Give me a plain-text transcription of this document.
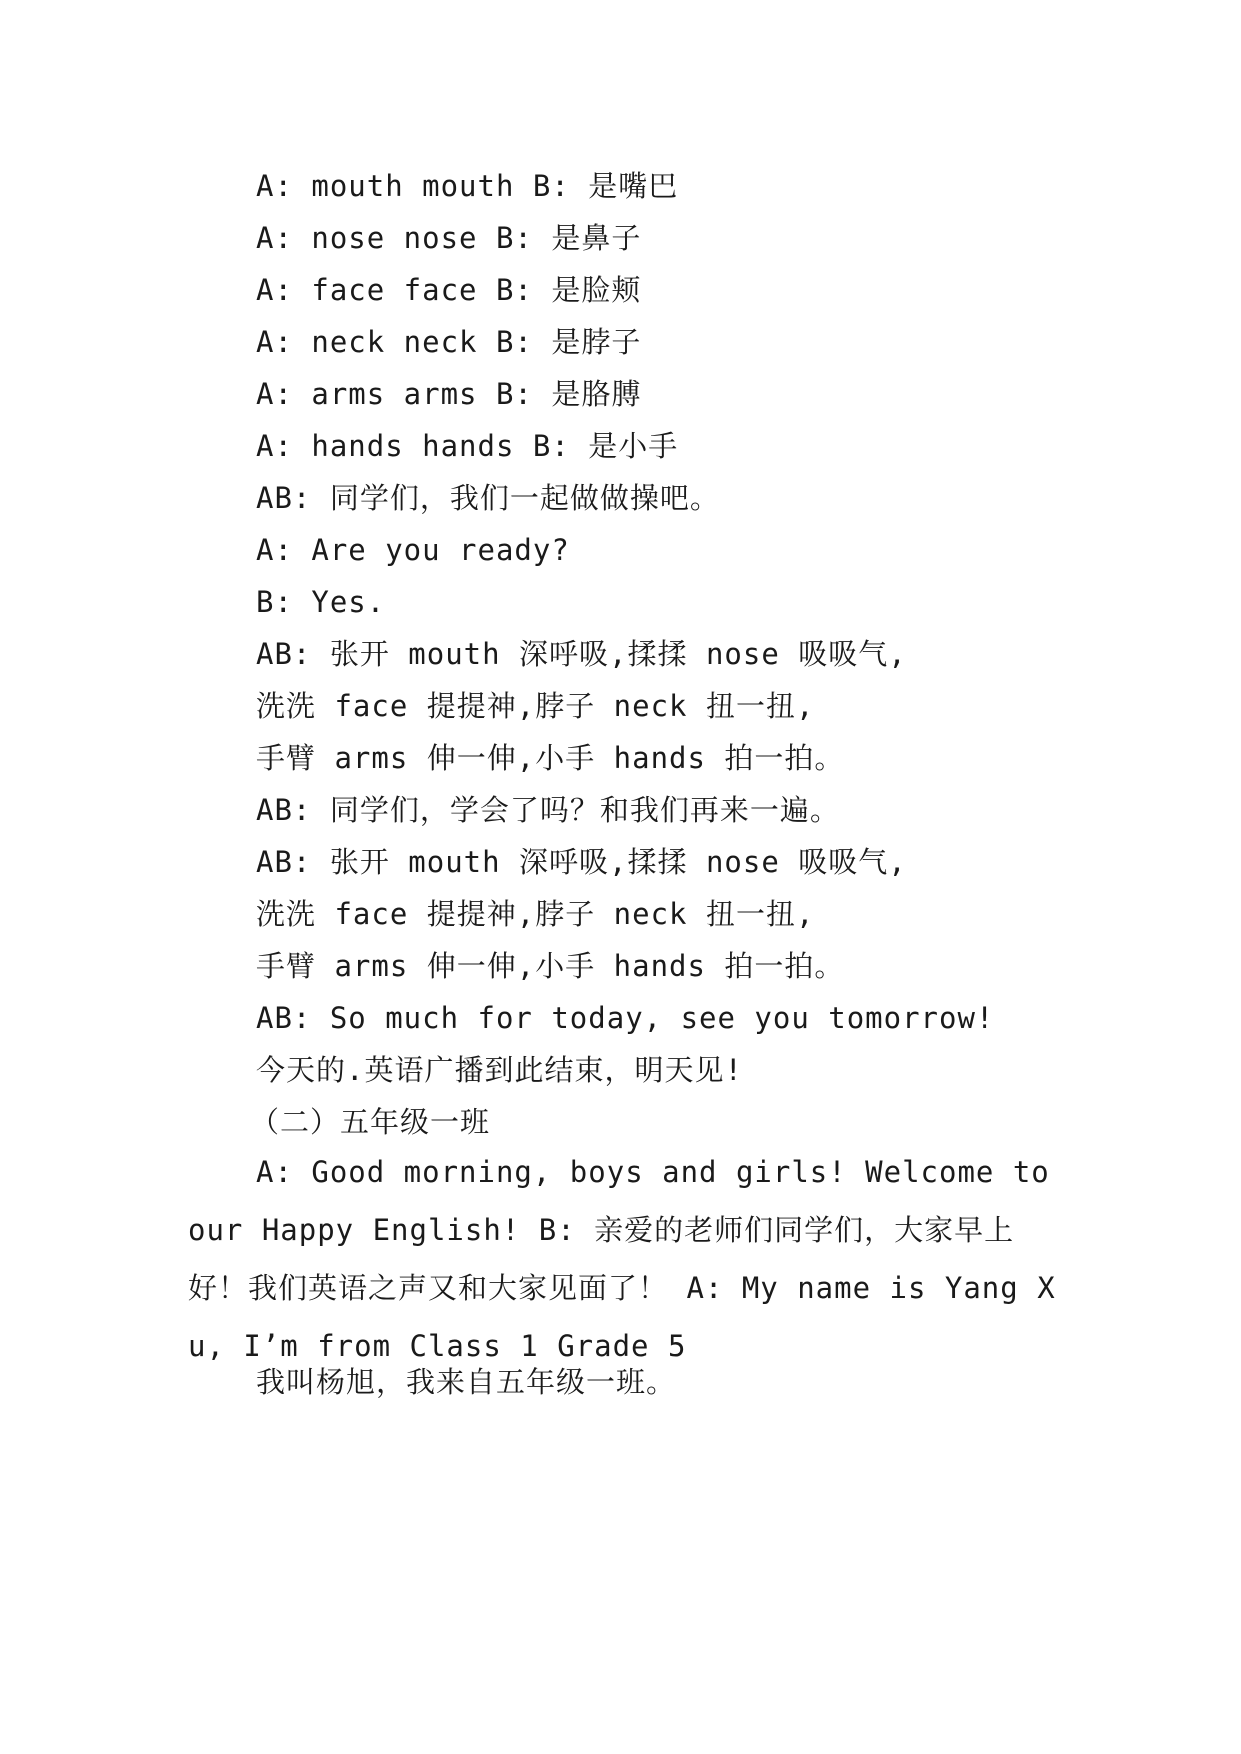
A: mouth mouth B: 是嘴巴
A: nose nose B: 是鼻子
A: face face B: 是脸颊
A: neck neck B: 是脖子
A: arms arms B: 是胳膊
A: hands hands B: 是小手
AB: 同学们，我们一起做做操吧。
A: Are you ready?
B: Yes.
AB: 张开 mouth 深呼吸,揉揉 nose 吸吸气,
洗洗 face 提提神,脖子 neck 扭一扭,
手臂 arms 伸一伸,小手 hands 拍一拍。
AB: 同学们，学会了吗？和我们再来一遍。
AB: 张开 mouth 深呼吸,揉揉 nose 吸吸气,
洗洗 face 提提神,脖子 neck 扭一扭,
手臂 arms 伸一伸,小手 hands 拍一拍。
AB: So much for today, see you tomorrow!
今天的.英语广播到此结束，明天见!
（二）五年级一班
A: Good morning, boys and girls! Welcome to our Happy English! B: 亲爱的老师们同学们，大家早上好！我们英语之声又和大家见面了！ A: My name is Yang Xu, I’m from Class 1 Grade 5
我叫杨旭，我来自五年级一班。
